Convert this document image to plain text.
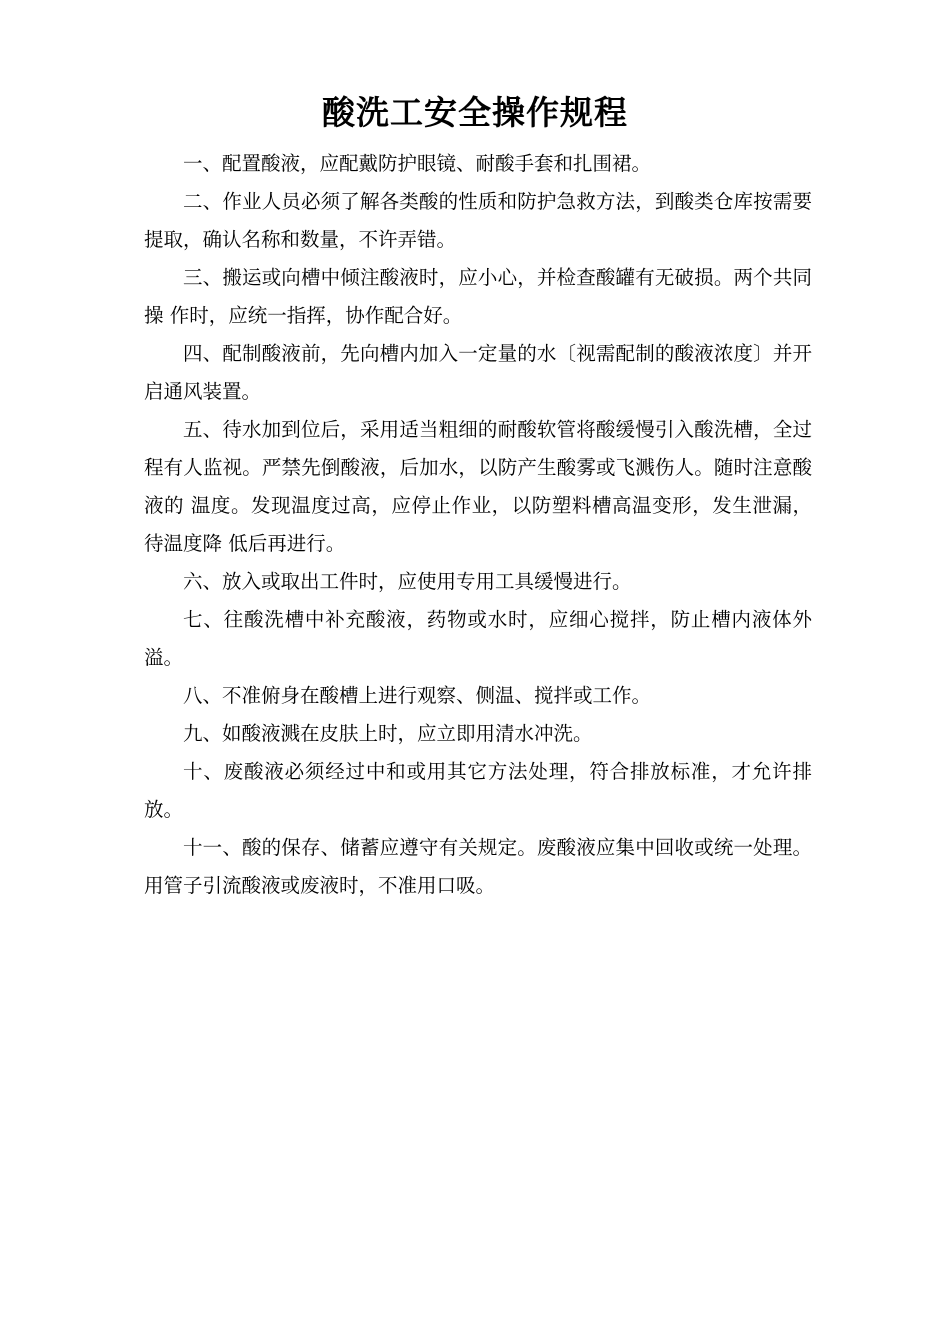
酸洗工安全操作规程

一、配置酸液，应配戴防护眼镜、耐酸手套和扎围裙。

二、作业人员必须了解各类酸的性质和防护急救方法，到酸类仓库按需要提取，确认名称和数量，不许弄错。

三、搬运或向槽中倾注酸液时，应小心，并检查酸罐有无破损。两个共同操 作时，应统一指挥，协作配合好。

四、配制酸液前，先向槽内加入一定量的水〔视需配制的酸液浓度〕并开启通风装置。

五、待水加到位后，采用适当粗细的耐酸软管将酸缓慢引入酸洗槽，全过程有人监视。严禁先倒酸液，后加水，以防产生酸雾或飞溅伤人。随时注意酸液的 温度。发现温度过高，应停止作业，以防塑料槽高温变形，发生泄漏，待温度降 低后再进行。

六、放入或取出工件时，应使用专用工具缓慢进行。

七、往酸洗槽中补充酸液，药物或水时，应细心搅拌，防止槽内液体外溢。

八、不准俯身在酸槽上进行观察、侧温、搅拌或工作。

九、如酸液溅在皮肤上时，应立即用清水冲洗。

十、废酸液必须经过中和或用其它方法处理，符合排放标准，才允许排放。

十一、酸的保存、储蓄应遵守有关规定。废酸液应集中回收或统一处理。用管子引流酸液或废液时，不准用口吸。
